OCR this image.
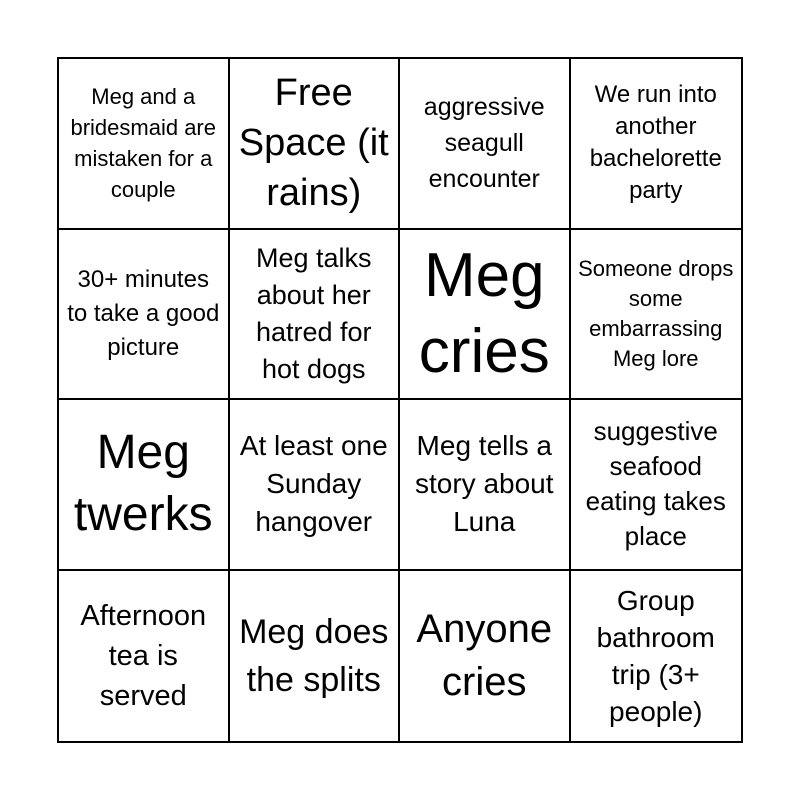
Meg and a bridesmaid are mistaken for a couple
Free Space (it rains)
aggressive seagull encounter
We run into another bachelorette party
30+ minutes to take a good picture
Meg talks about her hatred for hot dogs
Meg cries
Someone drops some embarrassing Meg lore
Meg twerks
At least one Sunday hangover
Meg tells a story about Luna
suggestive seafood eating takes place
Afternoon tea is served
Meg does the splits
Anyone cries
Group bathroom trip (3+ people)
